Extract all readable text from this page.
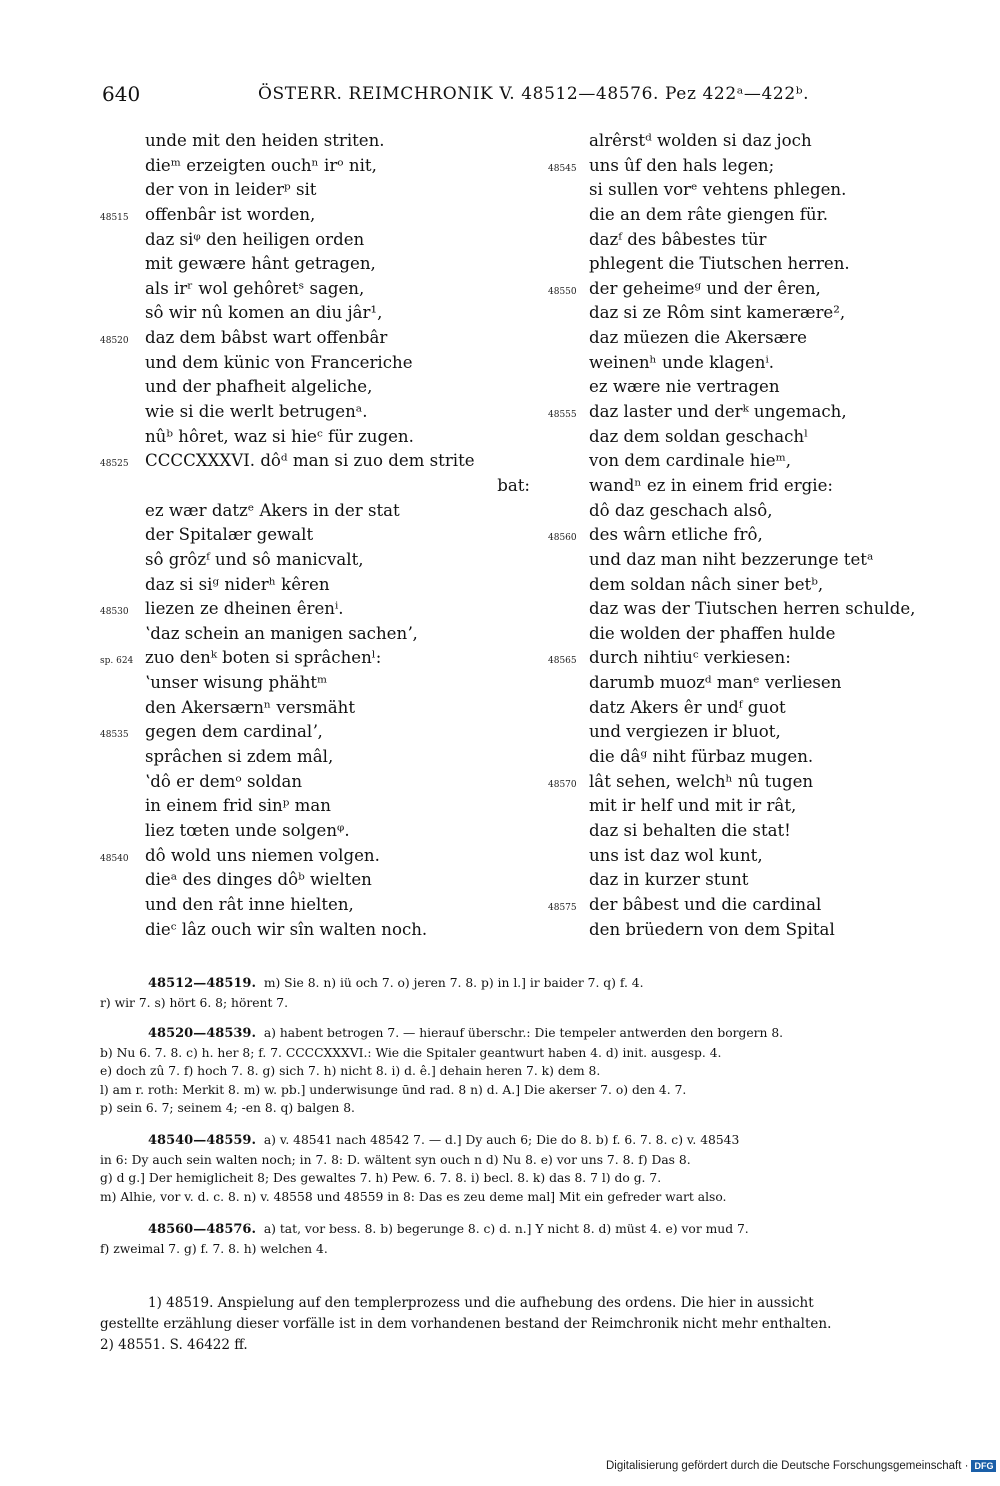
640	ÖSTERR. REIMCHRONIK V. 48512—48576. Pez 422ᵃ—422ᵇ.
unde mit den heiden striten.
dieᵐ erzeigten ouchⁿ irᵒ nit,
der von in leiderᵖ sit
48515 offenbâr ist worden,
daz siᵠ den heiligen orden
mit gewære hânt getragen,
als irʳ wol gehôretˢ sagen,
sô wir nû komen an diu jâr¹,
48520 daz dem bâbst wart offenbâr
und dem künic von Franceriche
und der phafheit algeliche,
wie si die werlt betrugenᵃ.
nûᵇ hôret, waz si hieᶜ für zugen.
48525 CCCCXXXVI. dôᵈ man si zuo dem strite
bat:
ez wær datzᵉ Akers in der stat
der Spitalær gewalt
sô grôzᶠ und sô manicvalt,
daz si siᵍ niderʰ kêren
48530 liezen ze dheinen êrenⁱ.
ʽdaz schein an manigen sachenʼ,
sp. 624 zuo denᵏ boten si sprâchenˡ:
ʽunser wisung phähtᵐ
den Akersærnⁿ versmäht
48535 gegen dem cardinalʼ,
sprâchen si zdem mâl,
ʽdô er demᵒ soldan
in einem frid sinᵖ man
liez tœten unde solgenᵠ.
48540 dô wold uns niemen volgen.
dieᵃ des dinges dôᵇ wielten
und den rât inne hielten,
dieᶜ lâz ouch wir sîn walten noch.
alrêrstᵈ wolden si daz joch
48545 uns ûf den hals legen;
si sullen vorᵉ vehtens phlegen.
die an dem râte giengen für.
dazᶠ des bâbestes tür
phlegent die Tiutschen herren.
48550 der geheimeᵍ und der êren,
daz si ze Rôm sint kamerære²,
daz müezen die Akersære
weinenʰ unde klagenⁱ.
ez wære nie vertragen
48555 daz laster und derᵏ ungemach,
daz dem soldan geschachˡ
von dem cardinale hieᵐ,
wandⁿ ez in einem frid ergie:
dô daz geschach alsô,
48560 des wârn etliche frô,
und daz man niht bezzerunge tetᵃ
dem soldan nâch siner betᵇ,
daz was der Tiutschen herren schulde,
die wolden der phaffen hulde
48565 durch nihtiuᶜ verkiesen:
darumb muozᵈ manᵉ verliesen
datz Akers êr undᶠ guot
und vergiezen ir bluot,
die dâᵍ niht fürbaz mugen.
48570 lât sehen, welchʰ nû tugen
mit ir helf und mit ir rât,
daz si behalten die stat!
uns ist daz wol kunt,
daz in kurzer stunt
48575 der bâbest und die cardinal
den brüedern von dem Spital
48512—48519. m) Sie 8. n) iü och 7. o) jeren 7. 8. p) in l.] ir baider 7. q) f. 4.
r) wir 7. s) hört 6. 8; hörent 7.
48520—48539. a) habent betrogen 7. — hierauf überschr.: Die tempeler antwerden den borgern 8.
b) Nu 6. 7. 8. c) h. her 8; f. 7. CCCCXXXVI.: Wie die Spitaler geantwurt haben 4. d) init. ausgesp. 4.
e) doch zû 7. f) hoch 7. 8. g) sich 7. h) nicht 8. i) d. ê.] dehain heren 7. k) dem 8.
l) am r. roth: Merkit 8. m) w. pb.] underwisunge ūnd rad. 8 n) d. A.] Die akerser 7. o) den 4. 7.
p) sein 6. 7; seinem 4; -en 8. q) balgen 8.
48540—48559. a) v. 48541 nach 48542 7. — d.] Dy auch 6; Die do 8. b) f. 6. 7. 8. c) v. 48543
in 6: Dy auch sein walten noch; in 7. 8: D. wältent syn ouch n d) Nu 8. e) vor uns 7. 8. f) Das 8.
g) d g.] Der hemiglicheit 8; Des gewaltes 7. h) Pew. 6. 7. 8. i) becl. 8. k) das 8. 7 l) do g. 7.
m) Alhie, vor v. d. c. 8. n) v. 48558 und 48559 in 8: Das es zeu deme mal] Mit ein gefreder wart also.
48560—48576. a) tat, vor bess. 8. b) begerunge 8. c) d. n.] Y nicht 8. d) müst 4. e) vor mud 7.
f) zweimal 7. g) f. 7. 8. h) welchen 4.
1) 48519. Anspielung auf den templerprozess und die aufhebung des ordens. Die hier in aussicht
gestellte erzählung dieser vorfälle ist in dem vorhandenen bestand der Reimchronik nicht mehr enthalten.
2) 48551. S. 46422 ff.
Digitalisierung gefördert durch die Deutsche Forschungsgemeinschaft · DFG
